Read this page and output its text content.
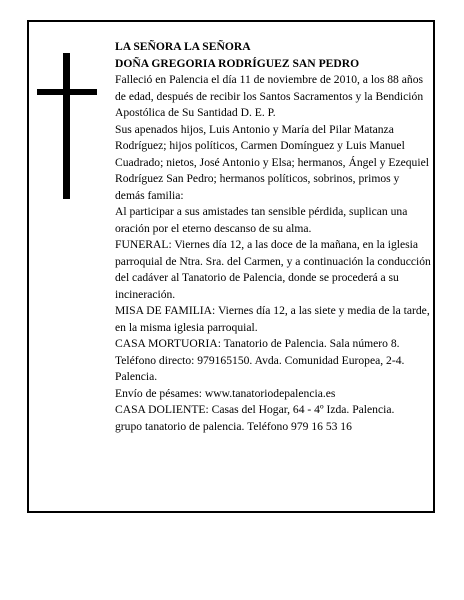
LA SEÑORA LA SEÑORA

DOÑA GREGORIA RODRÍGUEZ SAN PEDRO

Falleció en Palencia el día 11 de noviembre de 2010, a los 88 años de edad, después de recibir los Santos Sacramentos y la Bendición Apostólica de Su Santidad D. E. P.

Sus apenados hijos, Luis Antonio y María del Pilar Matanza Rodríguez; hijos políticos, Carmen Domínguez y Luis Manuel Cuadrado; nietos, José Antonio y Elsa; hermanos, Ángel y Ezequiel Rodríguez San Pedro; hermanos políticos, sobrinos, primos y demás familia:

Al participar a sus amistades tan sensible pérdida, suplican una oración por el eterno descanso de su alma.

FUNERAL: Viernes día 12, a las doce de la mañana, en la iglesia parroquial de Ntra. Sra. del Carmen, y a continuación la conducción del cadáver al Tanatorio de Palencia, donde se procederá a su incineración.

MISA DE FAMILIA: Viernes día 12, a las siete y media de la tarde, en la misma iglesia parroquial.

CASA MORTUORIA: Tanatorio de Palencia. Sala número 8. Teléfono directo: 979165150. Avda. Comunidad Europea, 2-4. Palencia.

Envío de pésames: www.tanatoriodepalencia.es

CASA DOLIENTE: Casas del Hogar, 64 - 4º Izda. Palencia.

grupo tanatorio de palencia. Teléfono 979 16 53 16
